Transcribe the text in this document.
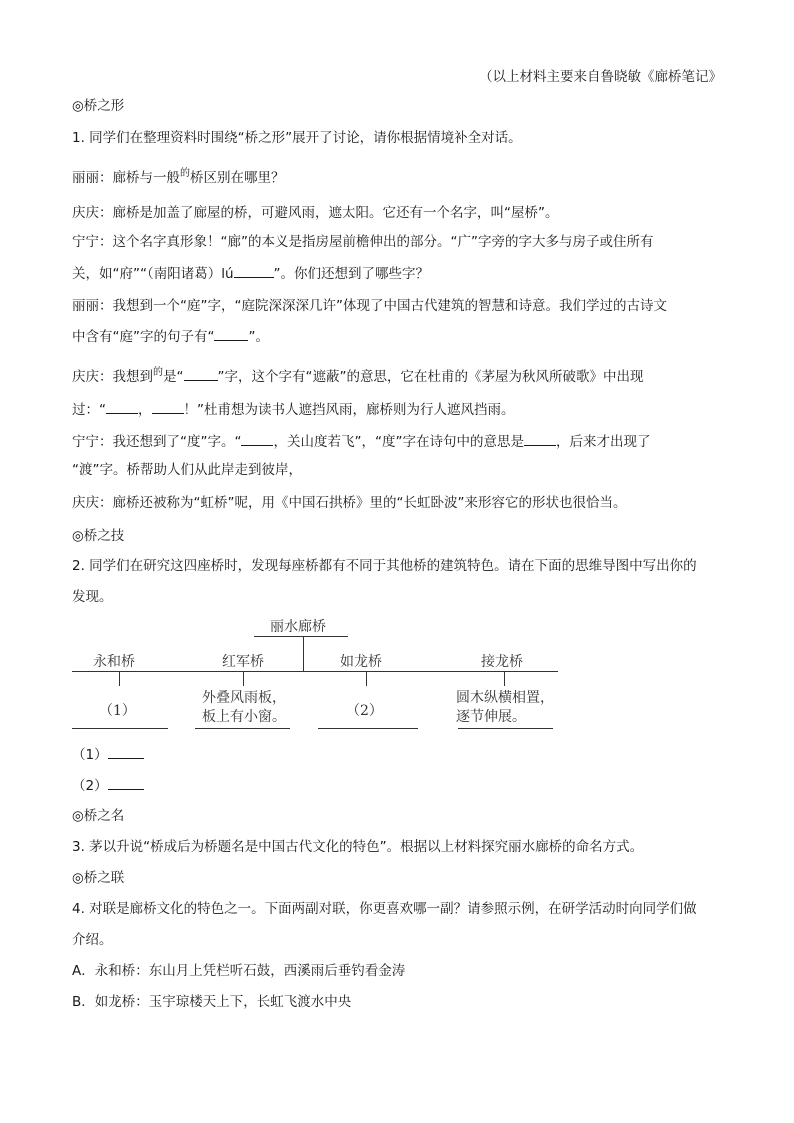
（以上材料主要来自鲁晓敏《廊桥笔记》
◎桥之形
1. 同学们在整理资料时围绕“桥之形”展开了讨论，请你根据情境补全对话。
丽丽：廊桥与一般$^的$桥区别在哪里？
庆庆：廊桥是加盖了廊屋的桥，可避风雨，遮太阳。它还有一个名字，叫“屋桥”。
宁宁：这个名字真形象！“廊”的本义是指房屋前檐伸出的部分。“广”字旁的字大多与房子或住所有
关，如“府”“（南阳诸葛）lú	”。你们还想到了哪些字？
丽丽：我想到一个“庭”字，“庭院深深深几许”体现了中国古代建筑的智慧和诗意。我们学过的古诗文
中含有“庭”字的句子有“	”。
庆庆：我想到$^的$是“	”字，这个字有“遮蔽”的意思，它在杜甫的《茅屋为秋风所破歌》中出现
过：“ ， ！”杜甫想为读书人遮挡风雨，廊桥则为行人遮风挡雨。
宁宁：我还想到了“度”字。“ ，关山度若飞”，“度”字在诗句中的意思是 ，后来才出现了
“渡”字。桥帮助人们从此岸走到彼岸，
庆庆：廊桥还被称为“虹桥”呢，用《中国石拱桥》里的“长虹卧波”来形容它的形状也很恰当。
◎桥之技
2. 同学们在研究这四座桥时，发现每座桥都有不同于其他桥的建筑特色。请在下面的思维导图中写出你的
发现。
丽水廊桥
永和桥	红军桥	如龙桥	接龙桥
（1）
外叠风雨板，
板上有小窗。	（2）
圆木纵横相置，
逐节伸展。
（1）
（2）
◎桥之名
3. 茅以升说“桥成后为桥题名是中国古代文化的特色”。根据以上材料探究丽水廊桥的命名方式。
◎桥之联
4. 对联是廊桥文化的特色之一。下面两副对联，你更喜欢哪一副？请参照示例，在研学活动时向同学们做
介绍。
A．永和桥：东山月上凭栏听石鼓，西溪雨后垂钓看金涛
B．如龙桥：玉宇琼楼天上下，长虹飞渡水中央
